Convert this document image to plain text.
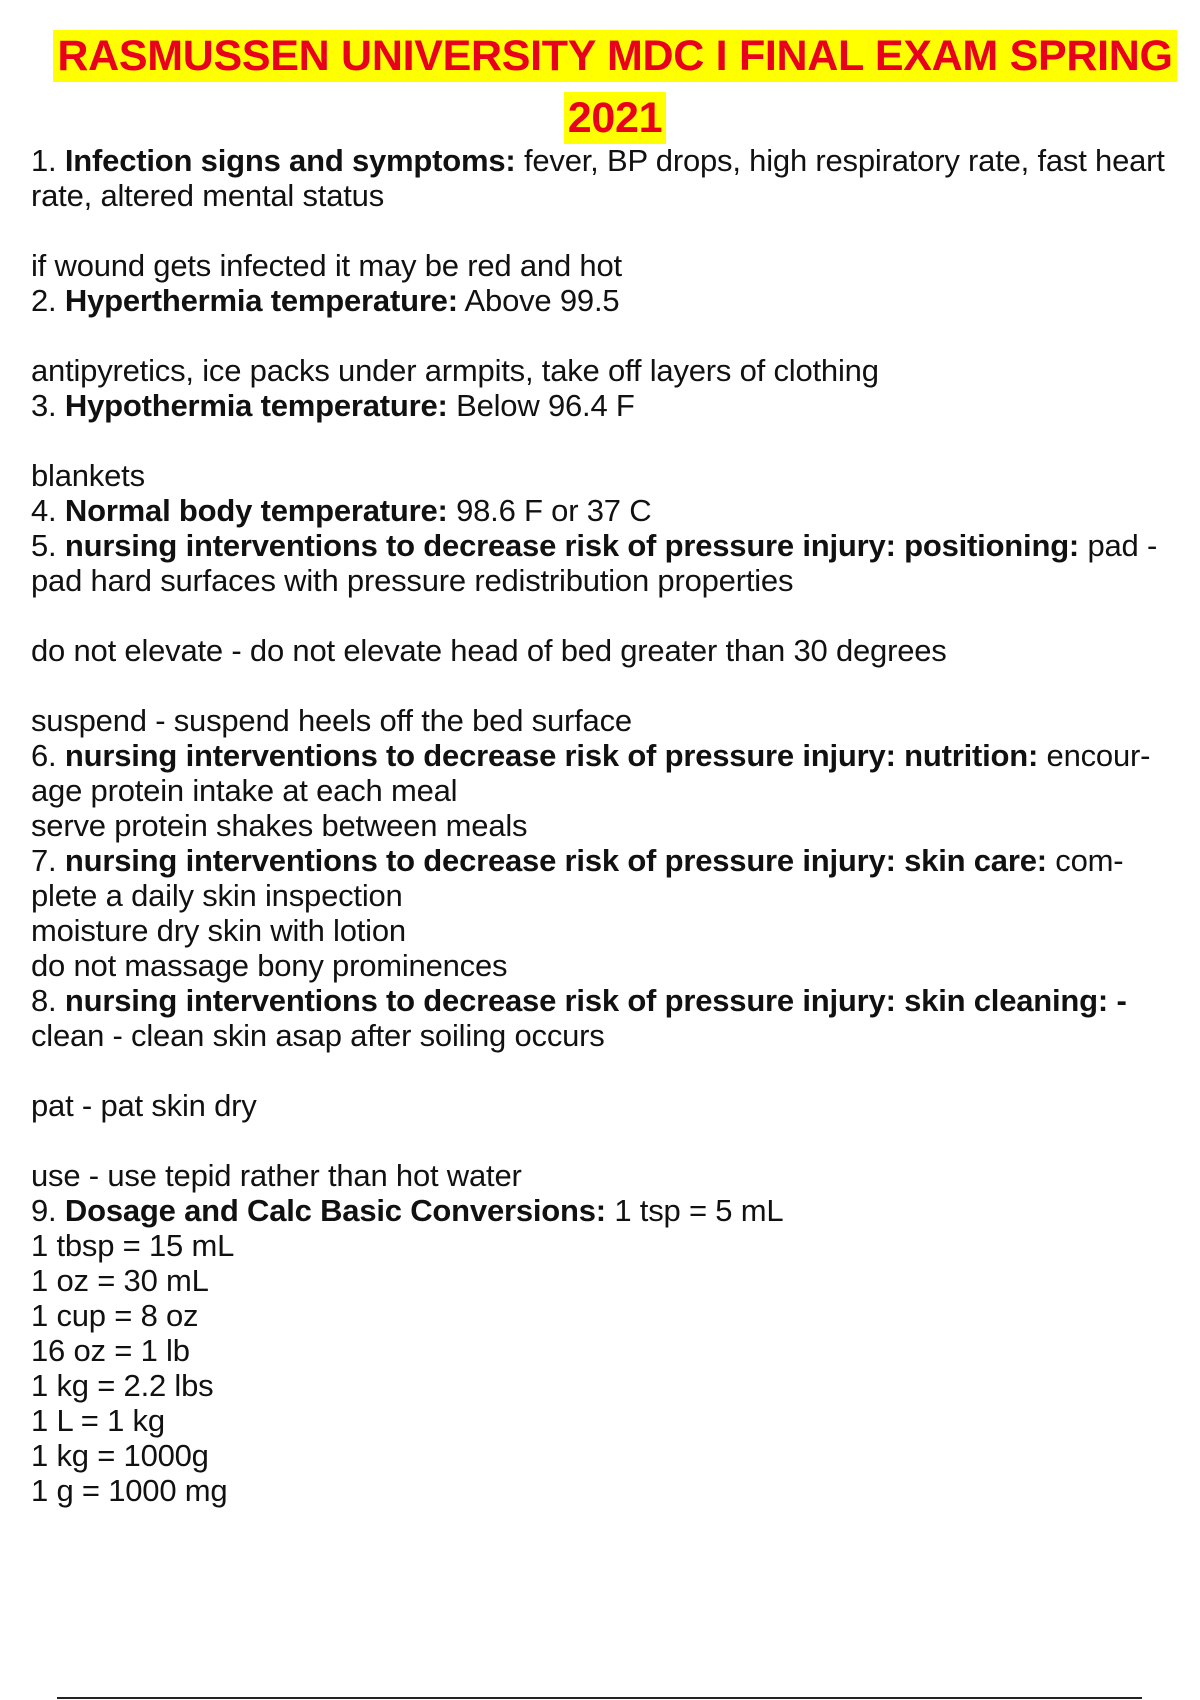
RASMUSSEN UNIVERSITY MDC I FINAL EXAM SPRING
2021

1. Infection signs and symptoms: fever, BP drops, high respiratory rate, fast heart

rate, altered mental status

if wound gets infected it may be red and hot

2. Hyperthermia temperature: Above 99.5

antipyretics, ice packs under armpits, take off layers of clothing

3. Hypothermia temperature: Below 96.4 F

blankets

4. Normal body temperature: 98.6 F or 37 C

5. nursing interventions to decrease risk of pressure injury: positioning: pad -

pad hard surfaces with pressure redistribution properties

do not elevate - do not elevate head of bed greater than 30 degrees

suspend - suspend heels off the bed surface

6. nursing interventions to decrease risk of pressure injury: nutrition: encour-

age protein intake at each meal

serve protein shakes between meals

7. nursing interventions to decrease risk of pressure injury: skin care: com-

plete a daily skin inspection

moisture dry skin with lotion

do not massage bony prominences

8. nursing interventions to decrease risk of pressure injury: skin cleaning: -

clean - clean skin asap after soiling occurs

pat - pat skin dry

use - use tepid rather than hot water

9. Dosage and Calc Basic Conversions: 1 tsp = 5 mL

1 tbsp = 15 mL

1 oz = 30 mL

1 cup = 8 oz

16 oz = 1 lb

1 kg = 2.2 lbs

1 L = 1 kg

1 kg = 1000g

1 g = 1000 mg
